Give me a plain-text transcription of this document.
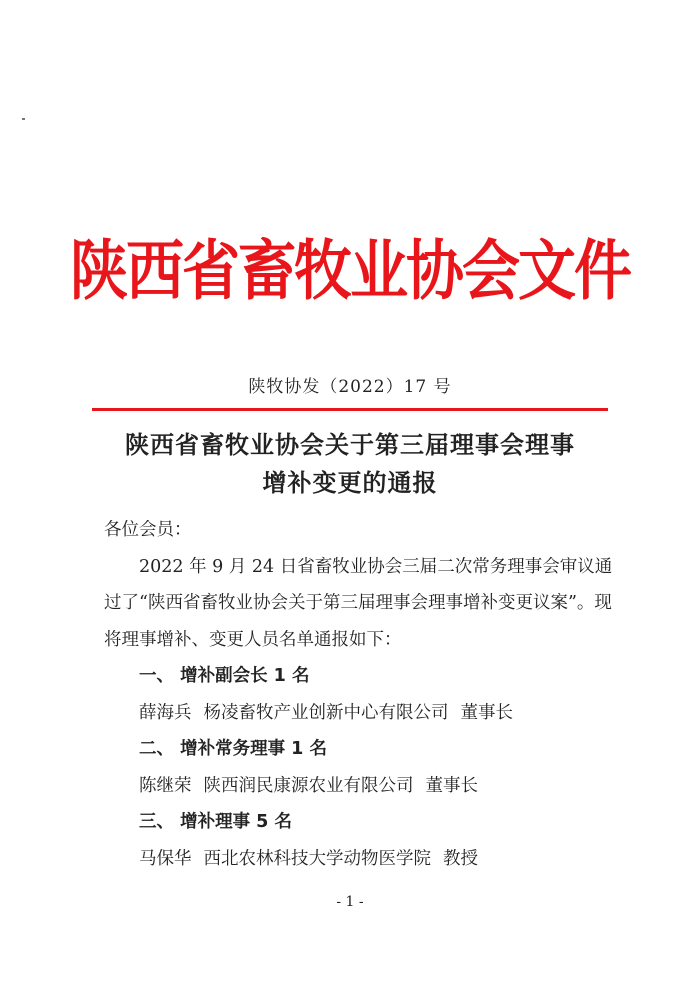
陕西省畜牧业协会文件
陕牧协发（2022）17 号
陕西省畜牧业协会关于第三届理事会理事
增补变更的通报

各位会员：

2022 年 9 月 24 日省畜牧业协会三届二次常务理事会审议通过了“陕西省畜牧业协会关于第三届理事会理事增补变更议案”。现将理事增补、变更人员名单通报如下：

一、 增补副会长 1 名

薛海兵 杨凌畜牧产业创新中心有限公司 董事长

二、 增补常务理事 1 名

陈继荣 陕西润民康源农业有限公司 董事长

三、 增补理事 5 名

马保华 西北农林科技大学动物医学院 教授

- 1 -
